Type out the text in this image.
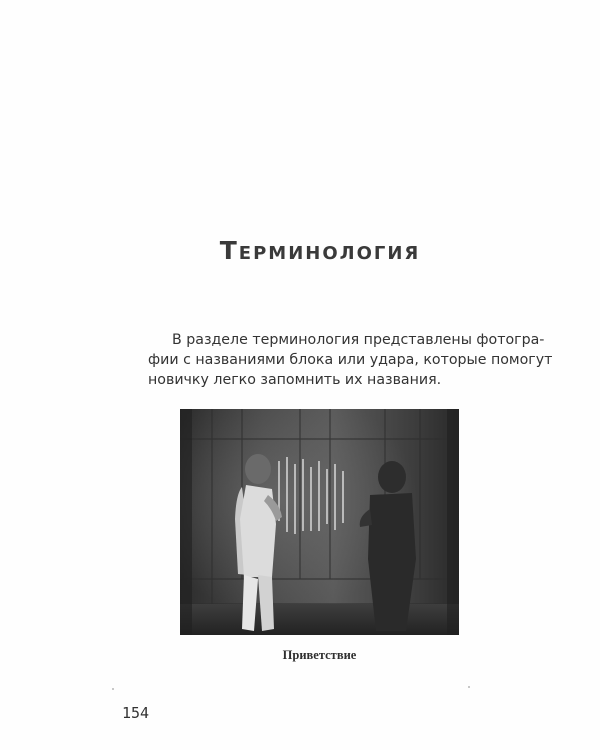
Терминология
В разделе терминология представлены фотогра-
фии с названиями блока или удара, которые помогут
новичку легко запомнить их названия.
Приветствие
154
